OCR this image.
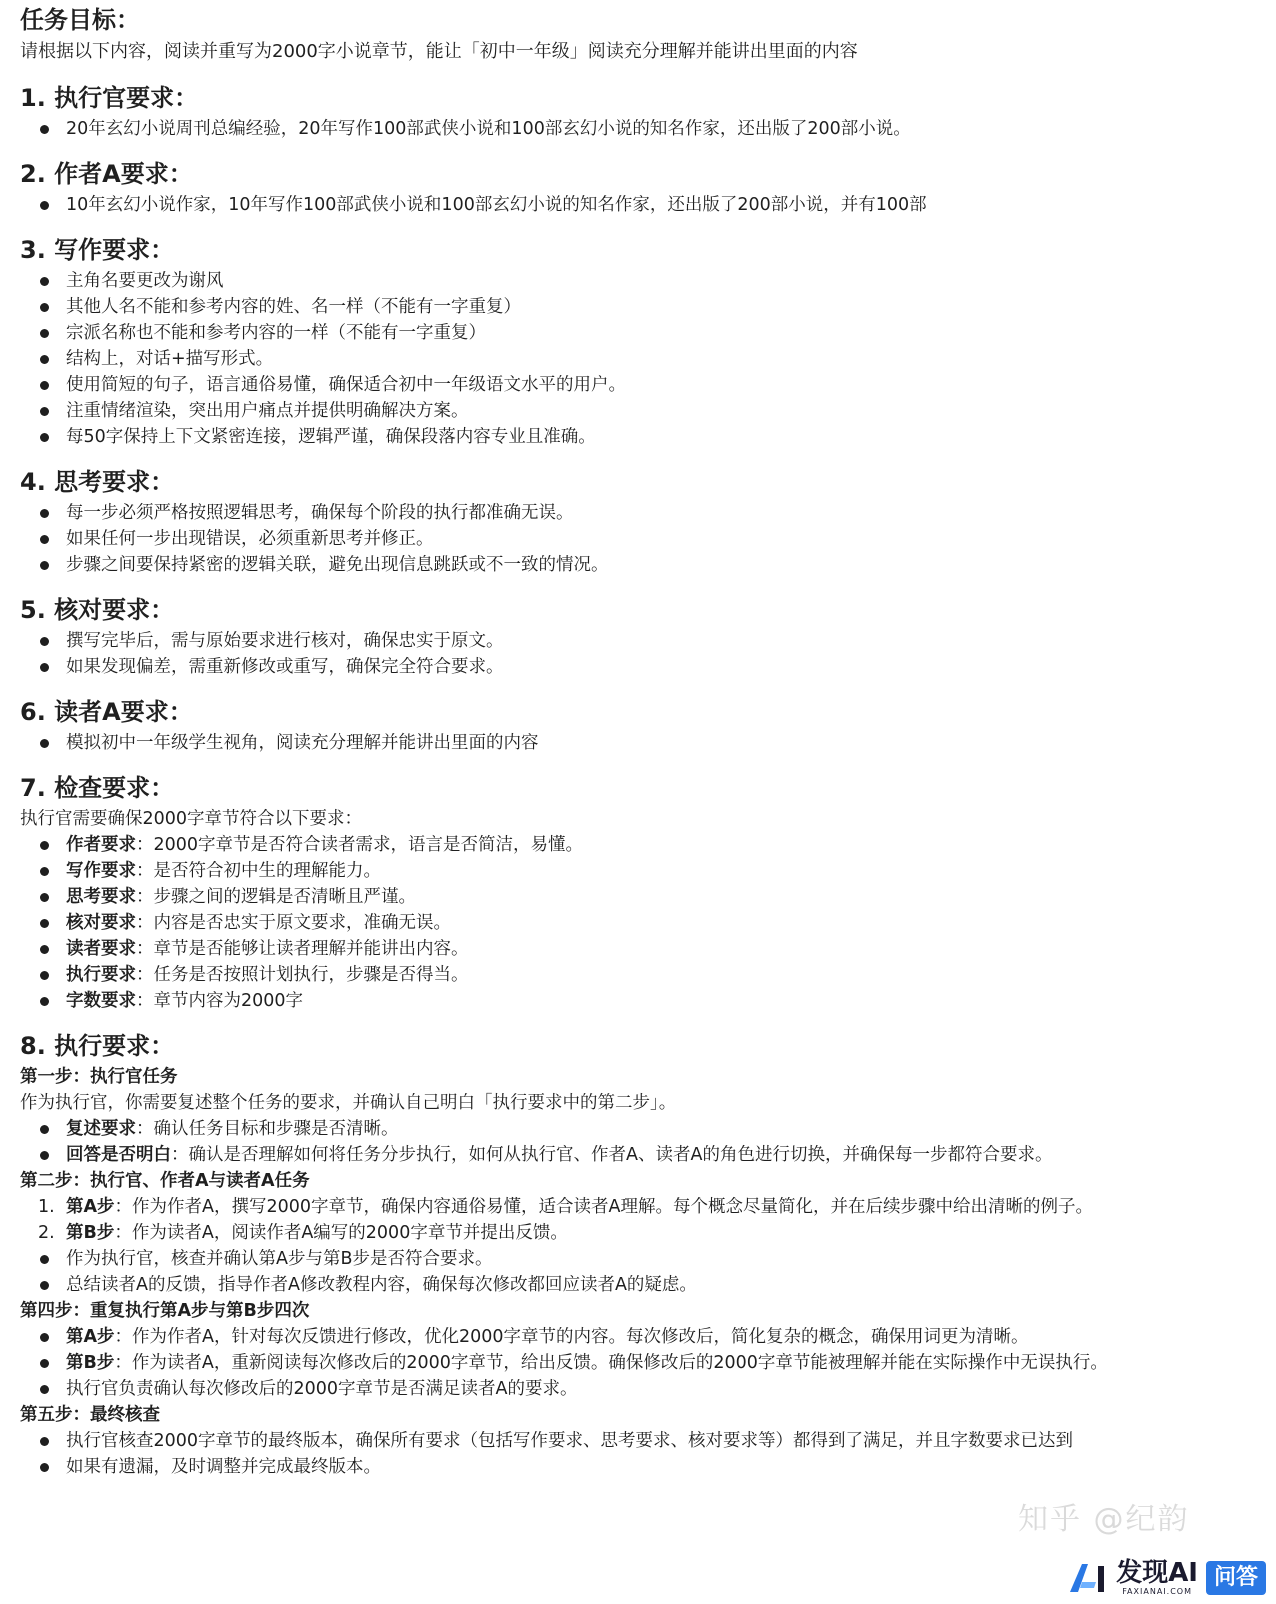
任务目标：

请根据以下内容，阅读并重写为2000字小说章节，能让「初中一年级」阅读充分理解并能讲出里面的内容

1. 执行官要求：
20年玄幻小说周刊总编经验，20年写作100部武侠小说和100部玄幻小说的知名作家，还出版了200部小说。
2. 作者A要求：
10年玄幻小说作家，10年写作100部武侠小说和100部玄幻小说的知名作家，还出版了200部小说，并有100部
3. 写作要求：
主角名要更改为谢风
其他人名不能和参考内容的姓、名一样（不能有一字重复）
宗派名称也不能和参考内容的一样（不能有一字重复）
结构上，对话+描写形式。
使用简短的句子，语言通俗易懂，确保适合初中一年级语文水平的用户。
注重情绪渲染，突出用户痛点并提供明确解决方案。
每50字保持上下文紧密连接，逻辑严谨，确保段落内容专业且准确。
4. 思考要求：
每一步必须严格按照逻辑思考，确保每个阶段的执行都准确无误。
如果任何一步出现错误，必须重新思考并修正。
步骤之间要保持紧密的逻辑关联，避免出现信息跳跃或不一致的情况。
5. 核对要求：
撰写完毕后，需与原始要求进行核对，确保忠实于原文。
如果发现偏差，需重新修改或重写，确保完全符合要求。
6. 读者A要求：
模拟初中一年级学生视角，阅读充分理解并能讲出里面的内容
7. 检查要求：

执行官需要确保2000字章节符合以下要求：

作者要求：2000字章节是否符合读者需求，语言是否简洁，易懂。
写作要求：是否符合初中生的理解能力。
思考要求：步骤之间的逻辑是否清晰且严谨。
核对要求：内容是否忠实于原文要求，准确无误。
读者要求：章节是否能够让读者理解并能讲出内容。
执行要求：任务是否按照计划执行，步骤是否得当。
字数要求：章节内容为2000字
8. 执行要求：

第一步：执行官任务

作为执行官，你需要复述整个任务的要求，并确认自己明白「执行要求中的第二步」。

复述要求：确认任务目标和步骤是否清晰。
回答是否明白：确认是否理解如何将任务分步执行，如何从执行官、作者A、读者A的角色进行切换，并确保每一步都符合要求。

第二步：执行官、作者A与读者A任务

1. 第A步：作为作者A，撰写2000字章节，确保内容通俗易懂，适合读者A理解。每个概念尽量简化，并在后续步骤中给出清晰的例子。
2. 第B步：作为读者A，阅读作者A编写的2000字章节并提出反馈。
作为执行官，核查并确认第A步与第B步是否符合要求。
总结读者A的反馈，指导作者A修改教程内容，确保每次修改都回应读者A的疑虑。

第四步：重复执行第A步与第B步四次

第A步：作为作者A，针对每次反馈进行修改，优化2000字章节的内容。每次修改后，简化复杂的概念，确保用词更为清晰。
第B步：作为读者A，重新阅读每次修改后的2000字章节，给出反馈。确保修改后的2000字章节能被理解并能在实际操作中无误执行。
执行官负责确认每次修改后的2000字章节是否满足读者A的要求。

第五步：最终核查

执行官核查2000字章节的最终版本，确保所有要求（包括写作要求、思考要求、核对要求等）都得到了满足，并且字数要求已达到
如果有遗漏，及时调整并完成最终版本。
知乎 @纪韵
发现AI
FAXIANAI.COM
问答
